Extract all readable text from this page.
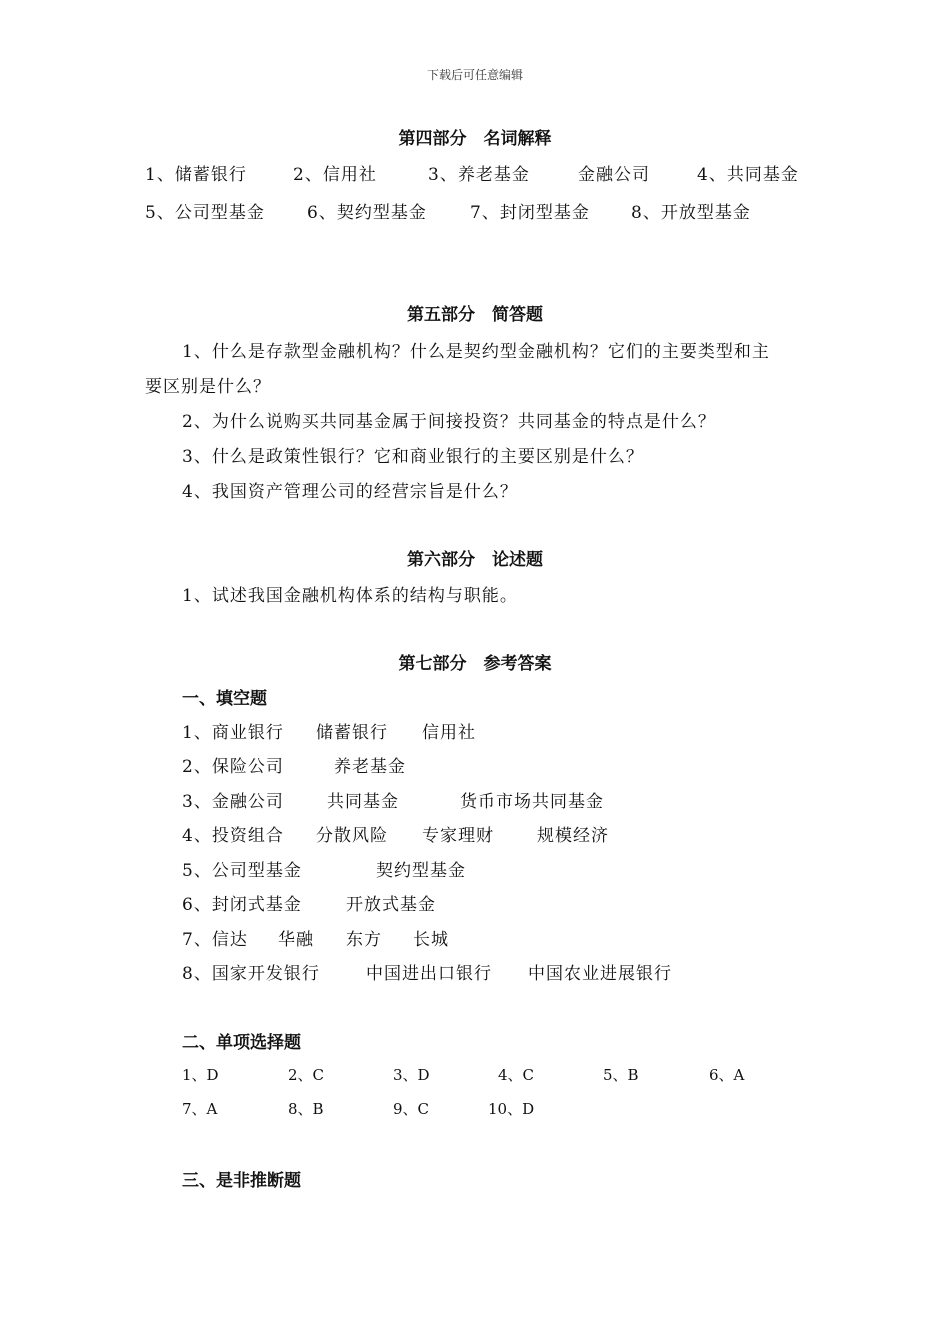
下载后可任意编辑
第四部分　名词解释
1、储蓄银行	2、信用社	3、养老基金	金融公司	4、共同基金
5、公司型基金 6、契约型基金	7、封闭型基金 8、开放型基金
第五部分　简答题
1、什么是存款型金融机构？什么是契约型金融机构？它们的主要类型和主
要区别是什么？
2、为什么说购买共同基金属于间接投资？共同基金的特点是什么？
3、什么是政策性银行？它和商业银行的主要区别是什么？
4、我国资产管理公司的经营宗旨是什么？
第六部分　论述题
1、试述我国金融机构体系的结构与职能。
第七部分　参考答案
一、填空题
1、商业银行 储蓄银行 信用社
2、保险公司	养老基金
3、金融公司	共同基金	货币市场共同基金
4、投资组合 分散风险 专家理财	规模经济
5、公司型基金	契约型基金
6、封闭式基金	开放式基金
7、信达 华融 东方 长城
8、国家开发银行	中国进出口银行 中国农业进展银行
二、单项选择题
1、D	2、C	3、D	4、C	5、B	6、A
7、A	8、B	9、C	10、D
三、是非推断题
